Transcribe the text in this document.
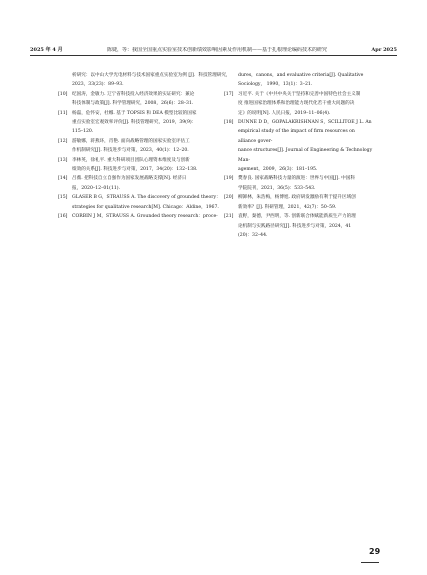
2025 年 4 月	陈婕，等：我国全国重点实验室技术创新绩效影响因素及作用机制——基于扎根理论编码技术的研究	Apr 2025
析研究：以中山大学光电材料与技术国家重点实验室为例 [J]．科技管理研究，2023，33(23)：89–93.
[10] 纪国涛，金敏力. 辽宁省科技投入经济效果的实证研究：兼论
科技体制与政策[J]. 科学管理研究，2008，26(6)：28–31.
[11] 杨磊，危怀安，杜娜. 基于 TOPSIS 和 DEA 模型比较的国家
重点实验室宏观效率评价[J]. 科技管理研究，2019，39(9)：
115–120.
[12] 游敏娜，蒋燕环，肖艳. 面向战略管理的国家实验室评估工
作机制研究[J]. 科技进步与对策，2023，40(1)：12–20.
[13] 李林英，徐礼平. 重大科研项目团队心理资本维度及与创新
绩效的关系[J]. 科技进步与对策，2017，34(20)：132–138.
[14] 吕薇. 把科技自立自强作为国家发展战略支撑[N]. 经济日
报，2020–12–01(11).
[15] GLASER B G，STRAUSS A. The discovery of grounded theory：
strategies for qualitative research[M]. Chicago：Aldine，1967.
[16] CORBIN J M，STRAUSS A. Grounded theory research：proce-
dures，canons，and evaluative criteria[J]. Qualitative Sociology， 1990，13(1)：3–21.
[17] 习近平. 关于《中共中央关于坚持和完善中国特色社会主义制
度 推进国家治理体系和治理能力现代化若干重大问题的决
定》的说明[N]. 人民日报，2019–11–06(4).
[18] DUNNE D D，GOPALAKRISHNAN S，SCILLITOE J L. An
empirical study of the impact of firm resources on alliance gover-
nance structures[J]. Journal of Engineering & Technology Man-
agement，2009，26(3)：181–195.
[19] 樊春良. 国家战略科技力量的演进：世界与中国[J]. 中国科
学院院刊，2021，36(5)：533–543.
[20] 柳卸林，朱浩梅，杨博旭. 政府研发激励有利于提升区域创
新效率？[J]. 科研管理，2021，42(7)：50–59.
[21] 袁野，秦德，尹西明，等. 创新联合体赋能新质生产力的理
论机制与实践路径研究[J]. 科技进步与对策，2024，41
(20)：32–44.
29
